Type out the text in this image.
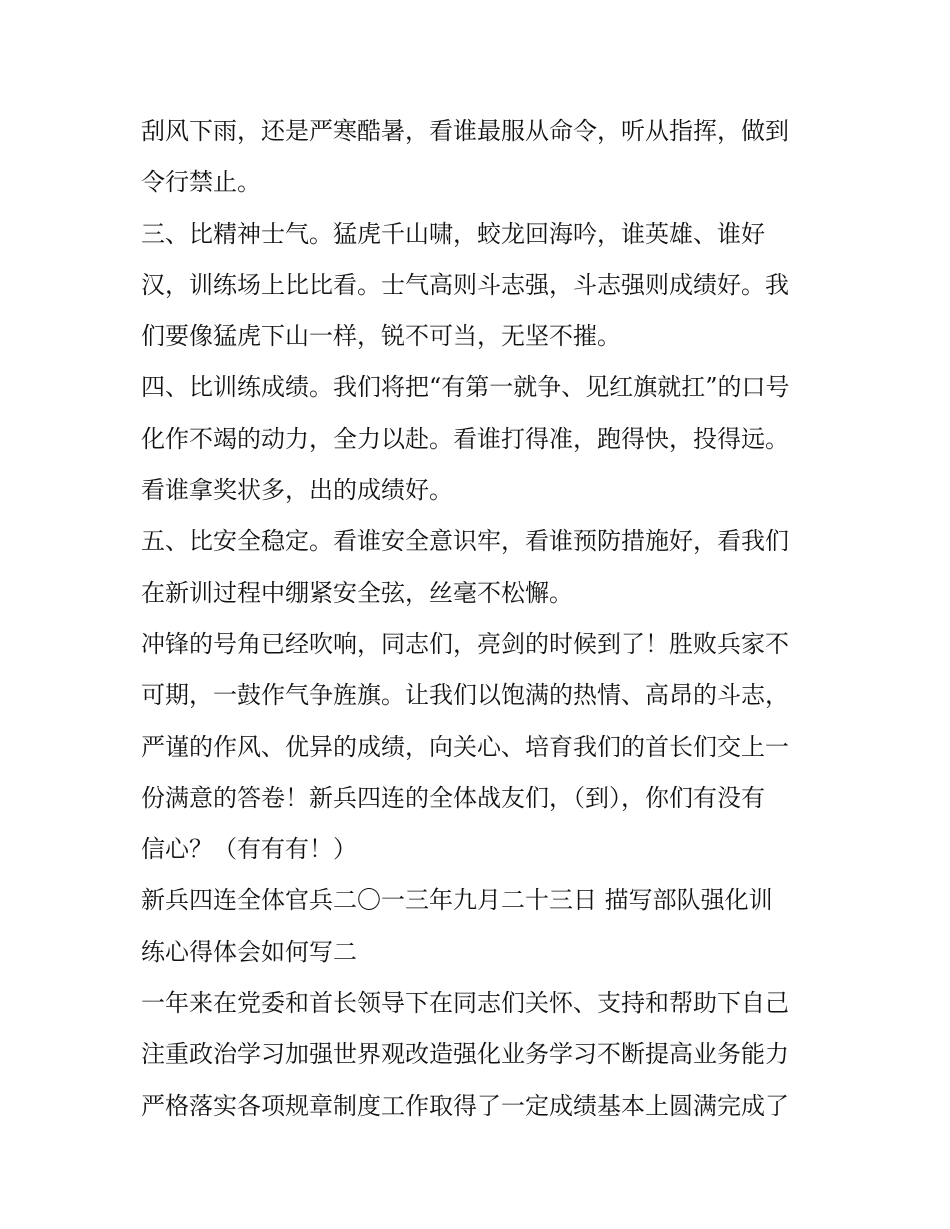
刮风下雨，还是严寒酷暑，看谁最服从命令，听从指挥，做到
令行禁止。
三、比精神士气。猛虎千山啸，蛟龙回海吟，谁英雄、谁好
汉，训练场上比比看。士气高则斗志强，斗志强则成绩好。我
们要像猛虎下山一样，锐不可当，无坚不摧。
四、比训练成绩。我们将把“有第一就争、见红旗就扛”的口号
化作不竭的动力，全力以赴。看谁打得准，跑得快，投得远。
看谁拿奖状多，出的成绩好。
五、比安全稳定。看谁安全意识牢，看谁预防措施好，看我们
在新训过程中绷紧安全弦，丝毫不松懈。
冲锋的号角已经吹响，同志们，亮剑的时候到了！胜败兵家不
可期，一鼓作气争旌旗。让我们以饱满的热情、高昂的斗志，
严谨的作风、优异的成绩，向关心、培育我们的首长们交上一
份满意的答卷！新兵四连的全体战友们，（到），你们有没有
信心？（有有有！）
新兵四连全体官兵二〇一三年九月二十三日 描写部队强化训
练心得体会如何写二
一年来在党委和首长领导下在同志们关怀、支持和帮助下自己
注重政治学习加强世界观改造强化业务学习不断提高业务能力
严格落实各项规章制度工作取得了一定成绩基本上圆满完成了
